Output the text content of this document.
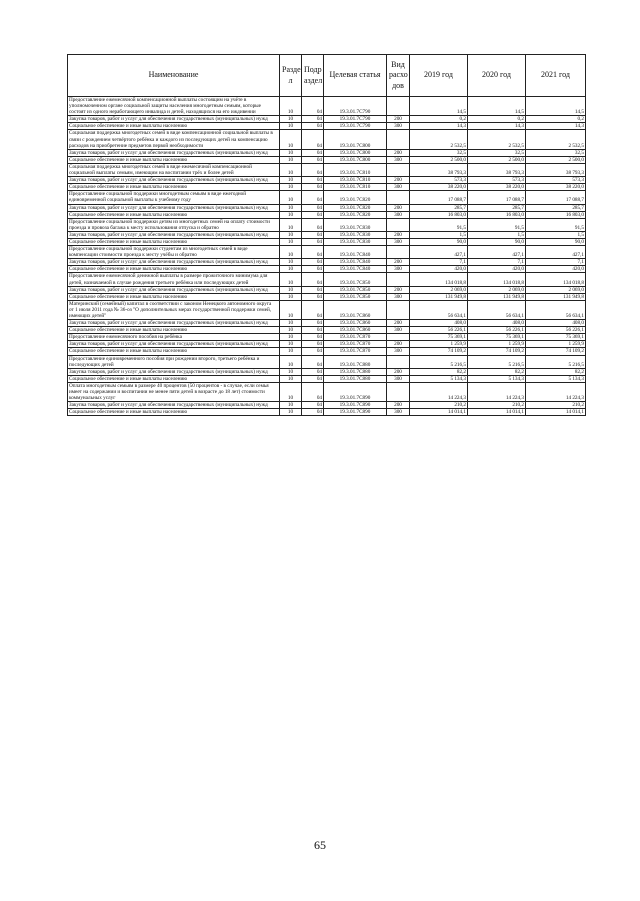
Наименование	Разде л	Подр аздел	Целевая статья	Вид расхо дов	2019 год	2020 год	2021 год
Предоставление ежемесячной компенсационной выплаты состоящим на учёте в уполномоченном органе социальной защиты населения многодетным семьям, которые состоят из одного неработающего инвалида и детей, находящихся на его иждивении	10	04	19.3.01.7С790		14,5	14,5	14,5
Закупка товаров, работ и услуг для обеспечения государственных (муниципальных) нужд	10	04	19.3.01.7С790	200	0,2	0,2	0,2
Социальное обеспечение и иные выплаты населению	10	04	19.3.01.7С790	300	14,3	14,3	14,3
Социальная поддержка многодетных семей в виде компенсационной социальной выплаты в связи с рождением четвёртого ребёнка и каждого из последующих детей на компенсацию расходов на приобретение предметов первой необходимости	10	04	19.3.01.7С800		2 532,5	2 532,5	2 532,5
Закупка товаров, работ и услуг для обеспечения государственных (муниципальных) нужд	10	04	19.3.01.7С800	200	32,5	32,5	32,5
Социальное обеспечение и иные выплаты населению	10	04	19.3.01.7С800	300	2 500,0	2 500,0	2 500,0
Социальная поддержка многодетных семей в виде ежемесячной компенсационной социальной выплаты семьям, имеющим на воспитании трёх и более детей	10	04	19.3.01.7С810		38 793,3	38 793,3	38 793,3
Закупка товаров, работ и услуг для обеспечения государственных (муниципальных) нужд	10	04	19.3.01.7С810	200	573,3	573,3	573,3
Социальное обеспечение и иные выплаты населению	10	04	19.3.01.7С810	300	38 220,0	38 220,0	38 220,0
Предоставление социальной поддержки многодетным семьям в виде ежегодной единовременной социальной выплаты к учебному году	10	04	19.3.01.7С820		17 088,7	17 088,7	17 088,7
Закупка товаров, работ и услуг для обеспечения государственных (муниципальных) нужд	10	04	19.3.01.7С820	200	285,7	285,7	285,7
Социальное обеспечение и иные выплаты населению	10	04	19.3.01.7С820	300	16 803,0	16 803,0	16 803,0
Предоставление социальной поддержки детям из многодетных семей на оплату стоимости проезда и провоза багажа к месту использования отпуска и обратно	10	04	19.3.01.7С830		91,5	91,5	91,5
Закупка товаров, работ и услуг для обеспечения государственных (муниципальных) нужд	10	04	19.3.01.7С830	200	1,5	1,5	1,5
Социальное обеспечение и иные выплаты населению	10	04	19.3.01.7С830	300	90,0	90,0	90,0
Предоставление социальной поддержки студентам из многодетных семей в виде компенсации стоимости проезда к месту учёбы и обратно	10	04	19.3.01.7С840		427,1	427,1	427,1
Закупка товаров, работ и услуг для обеспечения государственных (муниципальных) нужд	10	04	19.3.01.7С840	200	7,1	7,1	7,1
Социальное обеспечение и иные выплаты населению	10	04	19.3.01.7С840	300	420,0	420,0	420,0
Предоставление ежемесячной денежной выплаты в размере прожиточного минимума для детей, назначаемой в случае рождения третьего ребёнка или последующих детей	10	04	19.3.01.7С850		134 018,8	134 018,8	134 018,8
Закупка товаров, работ и услуг для обеспечения государственных (муниципальных) нужд	10	04	19.3.01.7С850	200	2 069,0	2 069,0	2 069,0
Социальное обеспечение и иные выплаты населению	10	04	19.3.01.7С850	300	131 949,8	131 949,8	131 949,8
Материнский (семейный) капитал в соответствии с законом Ненецкого автономного округа от 1 июля 2011 года № 36-оз "О дополнительных мерах государственной поддержки семей, имеющих детей"	10	04	19.3.01.7С860		56 634,1	56 634,1	56 634,1
Закупка товаров, работ и услуг для обеспечения государственных (муниципальных) нужд	10	04	19.3.01.7С860	200	408,0	408,0	408,0
Социальное обеспечение и иные выплаты населению	10	04	19.3.01.7С860	300	56 226,1	56 226,1	56 226,1
Предоставление ежемесячного пособия на ребёнка	10	04	19.3.01.7С870		75 369,1	75 369,1	75 369,1
Закупка товаров, работ и услуг для обеспечения государственных (муниципальных) нужд	10	04	19.3.01.7С870	200	1 259,9	1 259,9	1 259,9
Социальное обеспечение и иные выплаты населению	10	04	19.3.01.7С870	300	74 109,2	74 109,2	74 109,2
Предоставление единовременного пособия при рождении второго, третьего ребёнка и последующих детей	10	04	19.3.01.7С880		5 216,5	5 216,5	5 216,5
Закупка товаров, работ и услуг для обеспечения государственных (муниципальных) нужд	10	04	19.3.01.7С880	200	82,2	82,2	82,2
Социальное обеспечение и иные выплаты населению	10	04	19.3.01.7С880	300	5 134,3	5 134,3	5 134,3
Оплата многодетным семьям в размере 40 процентов (50 процентов - в случае, если семья имеет на содержании и воспитании не менее пяти детей в возрасте до 18 лет) стоимости коммунальных услуг	10	04	19.3.01.7С890		14 224,3	14 224,3	14 224,3
Закупка товаров, работ и услуг для обеспечения государственных (муниципальных) нужд	10	04	19.3.01.7С890	200	210,2	210,2	210,2
Социальное обеспечение и иные выплаты населению	10	04	19.3.01.7С890	300	14 014,1	14 014,1	14 014,1
65
